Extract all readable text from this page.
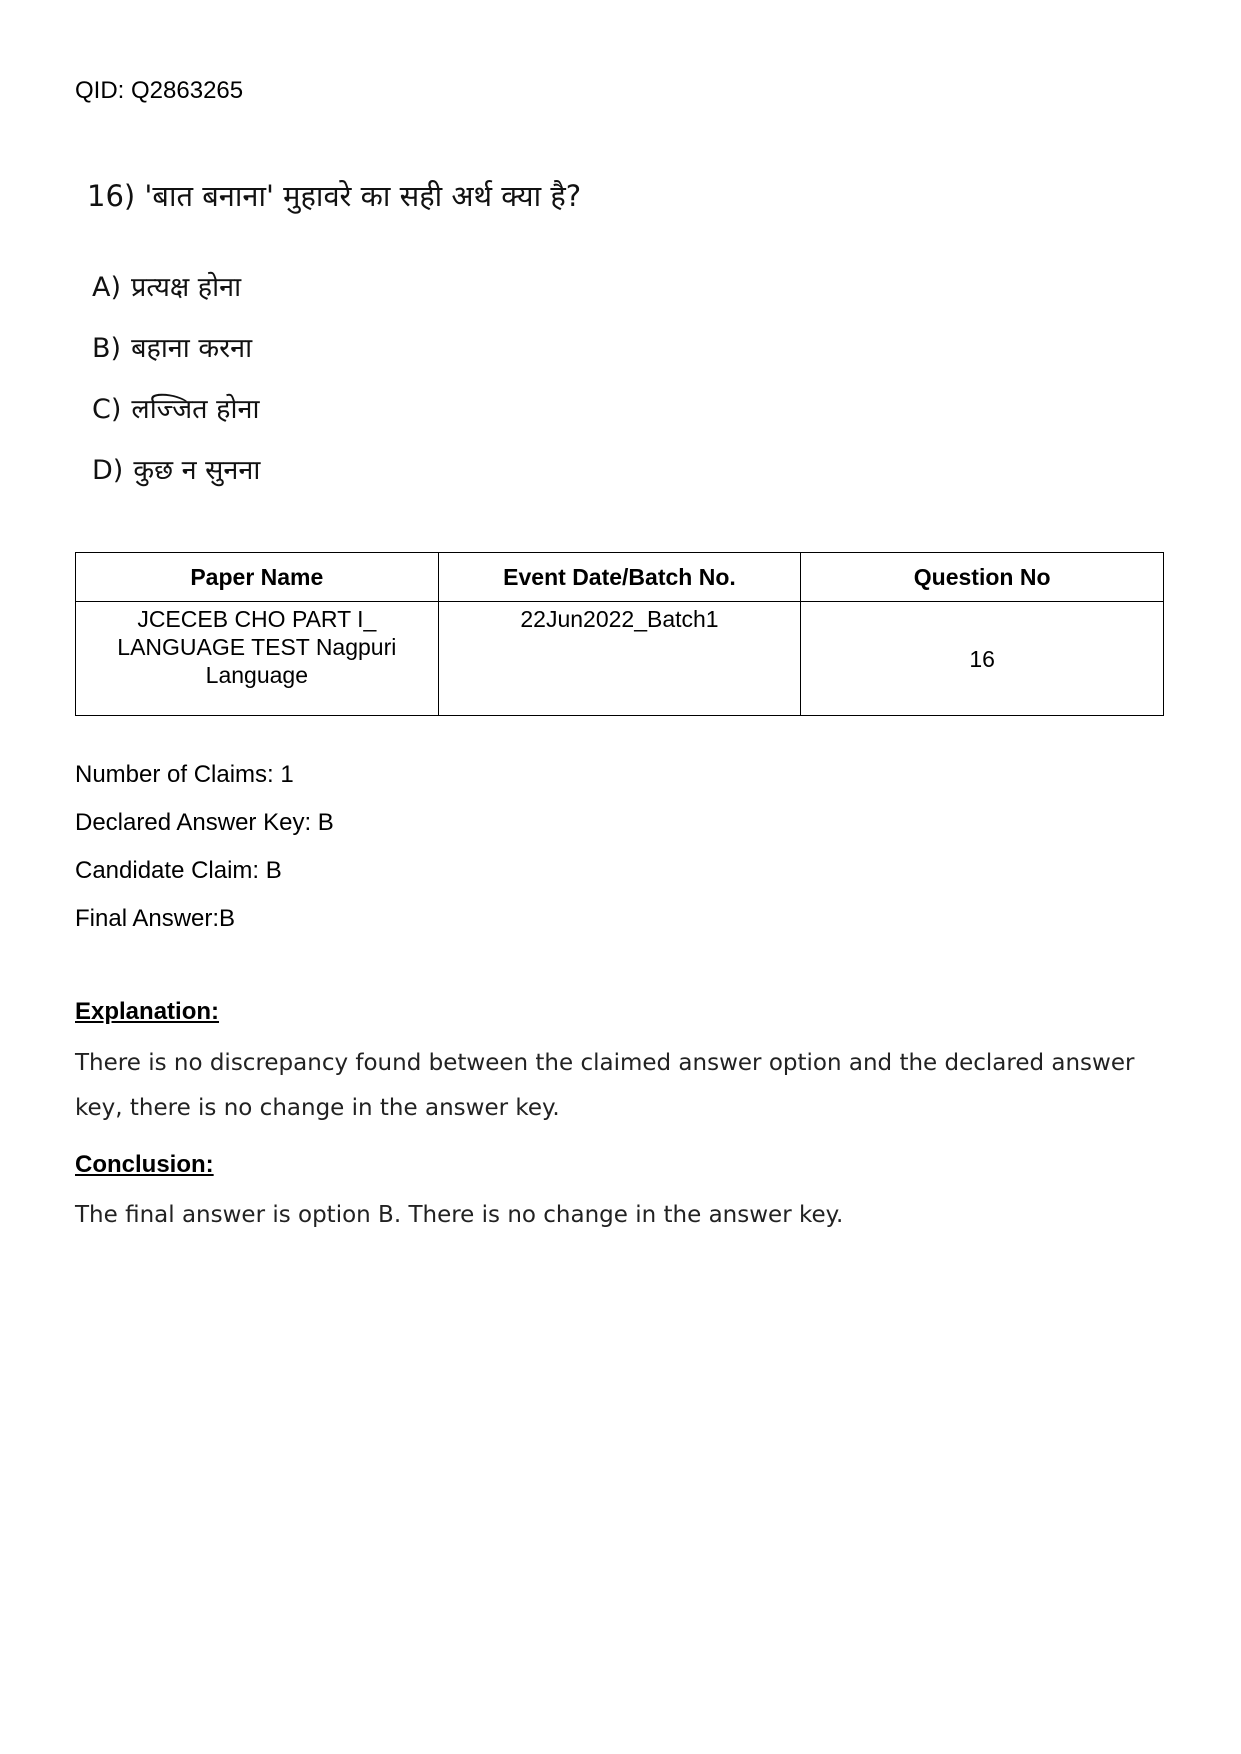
QID: Q2863265
16) 'बात बनाना' मुहावरे का सही अर्थ क्या है?
A) प्रत्यक्ष होना
B) बहाना करना
C) लज्जित होना
D) कुछ न सुनना
Paper Name	Event Date/Batch No.	Question No
JCECEB CHO PART I_ LANGUAGE TEST Nagpuri Language	22Jun2022_Batch1	16
Number of Claims: 1
Declared Answer Key: B
Candidate Claim: B
Final Answer:B
Explanation:
There is no discrepancy found between the claimed answer option and the declared answer key, there is no change in the answer key.
Conclusion:
The final answer is option B. There is no change in the answer key.
